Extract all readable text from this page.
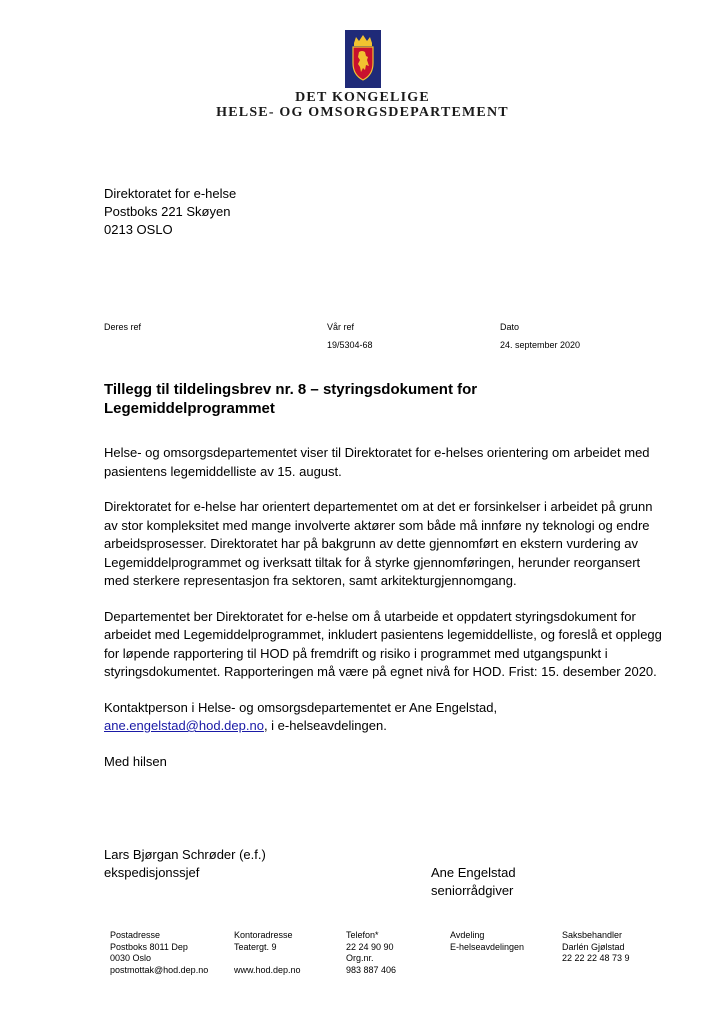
DET KONGELIGE
HELSE- OG OMSORGSDEPARTEMENT
Direktoratet for e-helse
Postboks 221 Skøyen
0213 OSLO
Deres ref	Vår ref
19/5304-68
Dato
24. september 2020
Tillegg til tildelingsbrev nr. 8 – styringsdokument for Legemiddelprogrammet

Helse- og omsorgsdepartementet viser til Direktoratet for e-helses orientering om arbeidet med pasientens legemiddelliste av 15. august.

Direktoratet for e-helse har orientert departementet om at det er forsinkelser i arbeidet på grunn av stor kompleksitet med mange involverte aktører som både må innføre ny teknologi og endre arbeidsprosesser. Direktoratet har på bakgrunn av dette gjennomført en ekstern vurdering av Legemiddelprogrammet og iverksatt tiltak for å styrke gjennomføringen, herunder reorgansert med sterkere representasjon fra sektoren, samt arkitekturgjennomgang.

Departementet ber Direktoratet for e-helse om å utarbeide et oppdatert styringsdokument for arbeidet med Legemiddelprogrammet, inkludert pasientens legemiddelliste, og foreslå et opplegg for løpende rapportering til HOD på fremdrift og risiko i programmet med utgangspunkt i styringsdokumentet. Rapporteringen må være på egnet nivå for HOD. Frist: 15. desember 2020.

Kontaktperson i Helse- og omsorgsdepartementet er Ane Engelstad,
ane.engelstad@hod.dep.no, i e-helseavdelingen.

Med hilsen

Lars Bjørgan Schrøder (e.f.)
ekspedisjonssjef	Ane Engelstad
seniorrådgiver
Postadresse
Postboks 8011 Dep
0030 Oslo
postmottak@hod.dep.no
Kontoradresse
Teatergt. 9

www.hod.dep.no
Telefon*
22 24 90 90
Org.nr.
983 887 406
Avdeling
E-helseavdelingen
Saksbehandler
Darlén Gjølstad
22 22 22 48 73 9
